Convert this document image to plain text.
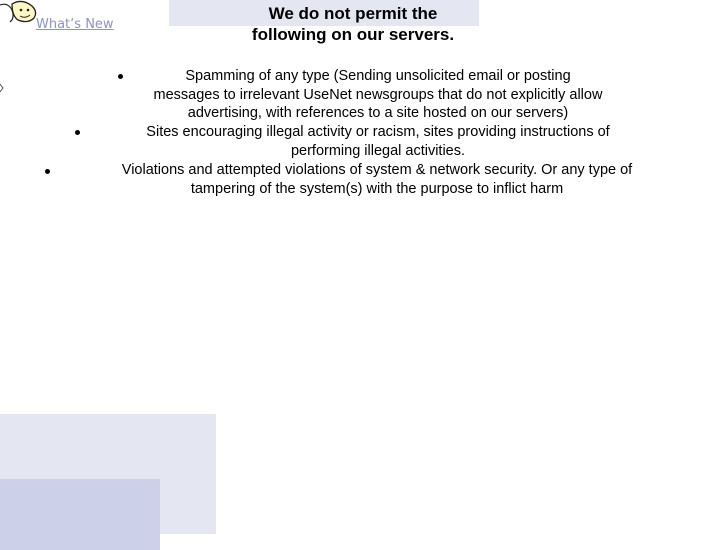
What’s New
We do not permit the
following on our servers.
Spamming of any type (Sending unsolicited email or posting
messages to irrelevant UseNet newsgroups that do not explicitly allow
advertising, with references to a site hosted on our servers)
Sites encouraging illegal activity or racism, sites providing instructions of
performing illegal activities.
Violations and attempted violations of system & network security. Or any type of
tampering of the system(s) with the purpose to inflict harm
